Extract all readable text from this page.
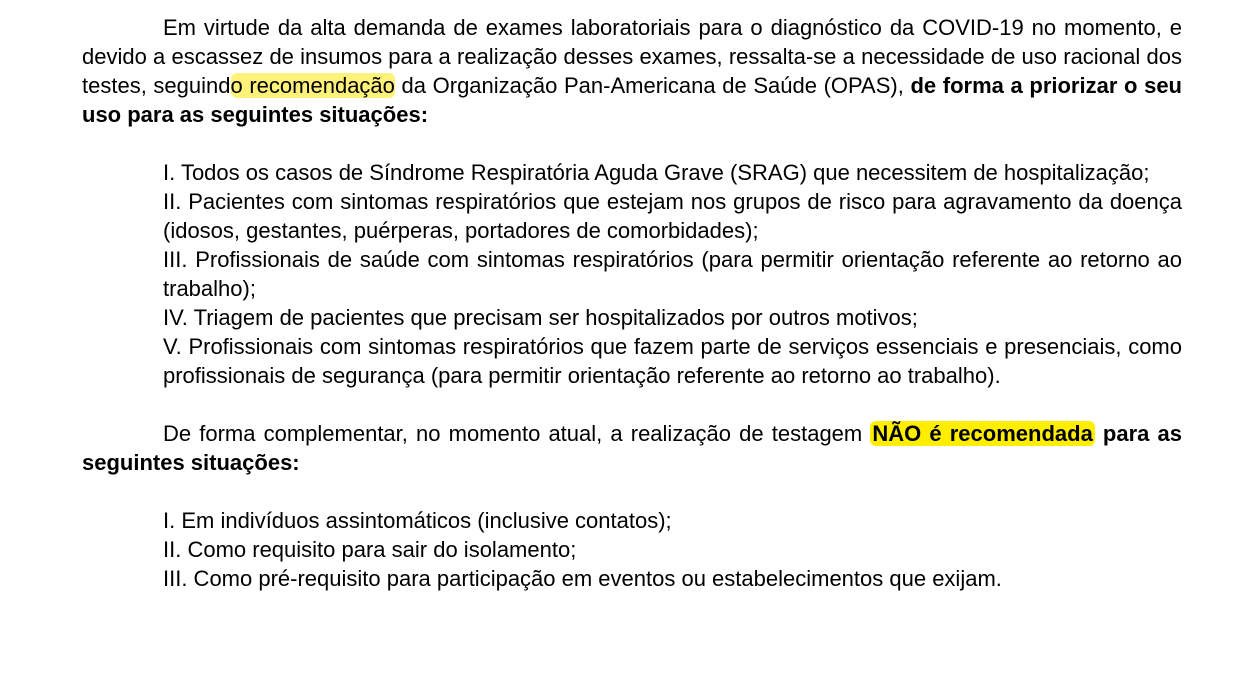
Em virtude da alta demanda de exames laboratoriais para o diagnóstico da COVID-19 no momento, e devido a escassez de insumos para a realização desses exames, ressalta-se a necessidade de uso racional dos testes, seguindo recomendação da Organização Pan-Americana de Saúde (OPAS), de forma a priorizar o seu uso para as seguintes situações:

I. Todos os casos de Síndrome Respiratória Aguda Grave (SRAG) que necessitem de hospitalização;
II. Pacientes com sintomas respiratórios que estejam nos grupos de risco para agravamento da doença (idosos, gestantes, puérperas, portadores de comorbidades);
III. Profissionais de saúde com sintomas respiratórios (para permitir orientação referente ao retorno ao trabalho);
IV. Triagem de pacientes que precisam ser hospitalizados por outros motivos;
V. Profissionais com sintomas respiratórios que fazem parte de serviços essenciais e presenciais, como profissionais de segurança (para permitir orientação referente ao retorno ao trabalho).

De forma complementar, no momento atual, a realização de testagem NÃO é recomendada para as seguintes situações:

I. Em indivíduos assintomáticos (inclusive contatos);
II. Como requisito para sair do isolamento;
III. Como pré-requisito para participação em eventos ou estabelecimentos que exijam.
